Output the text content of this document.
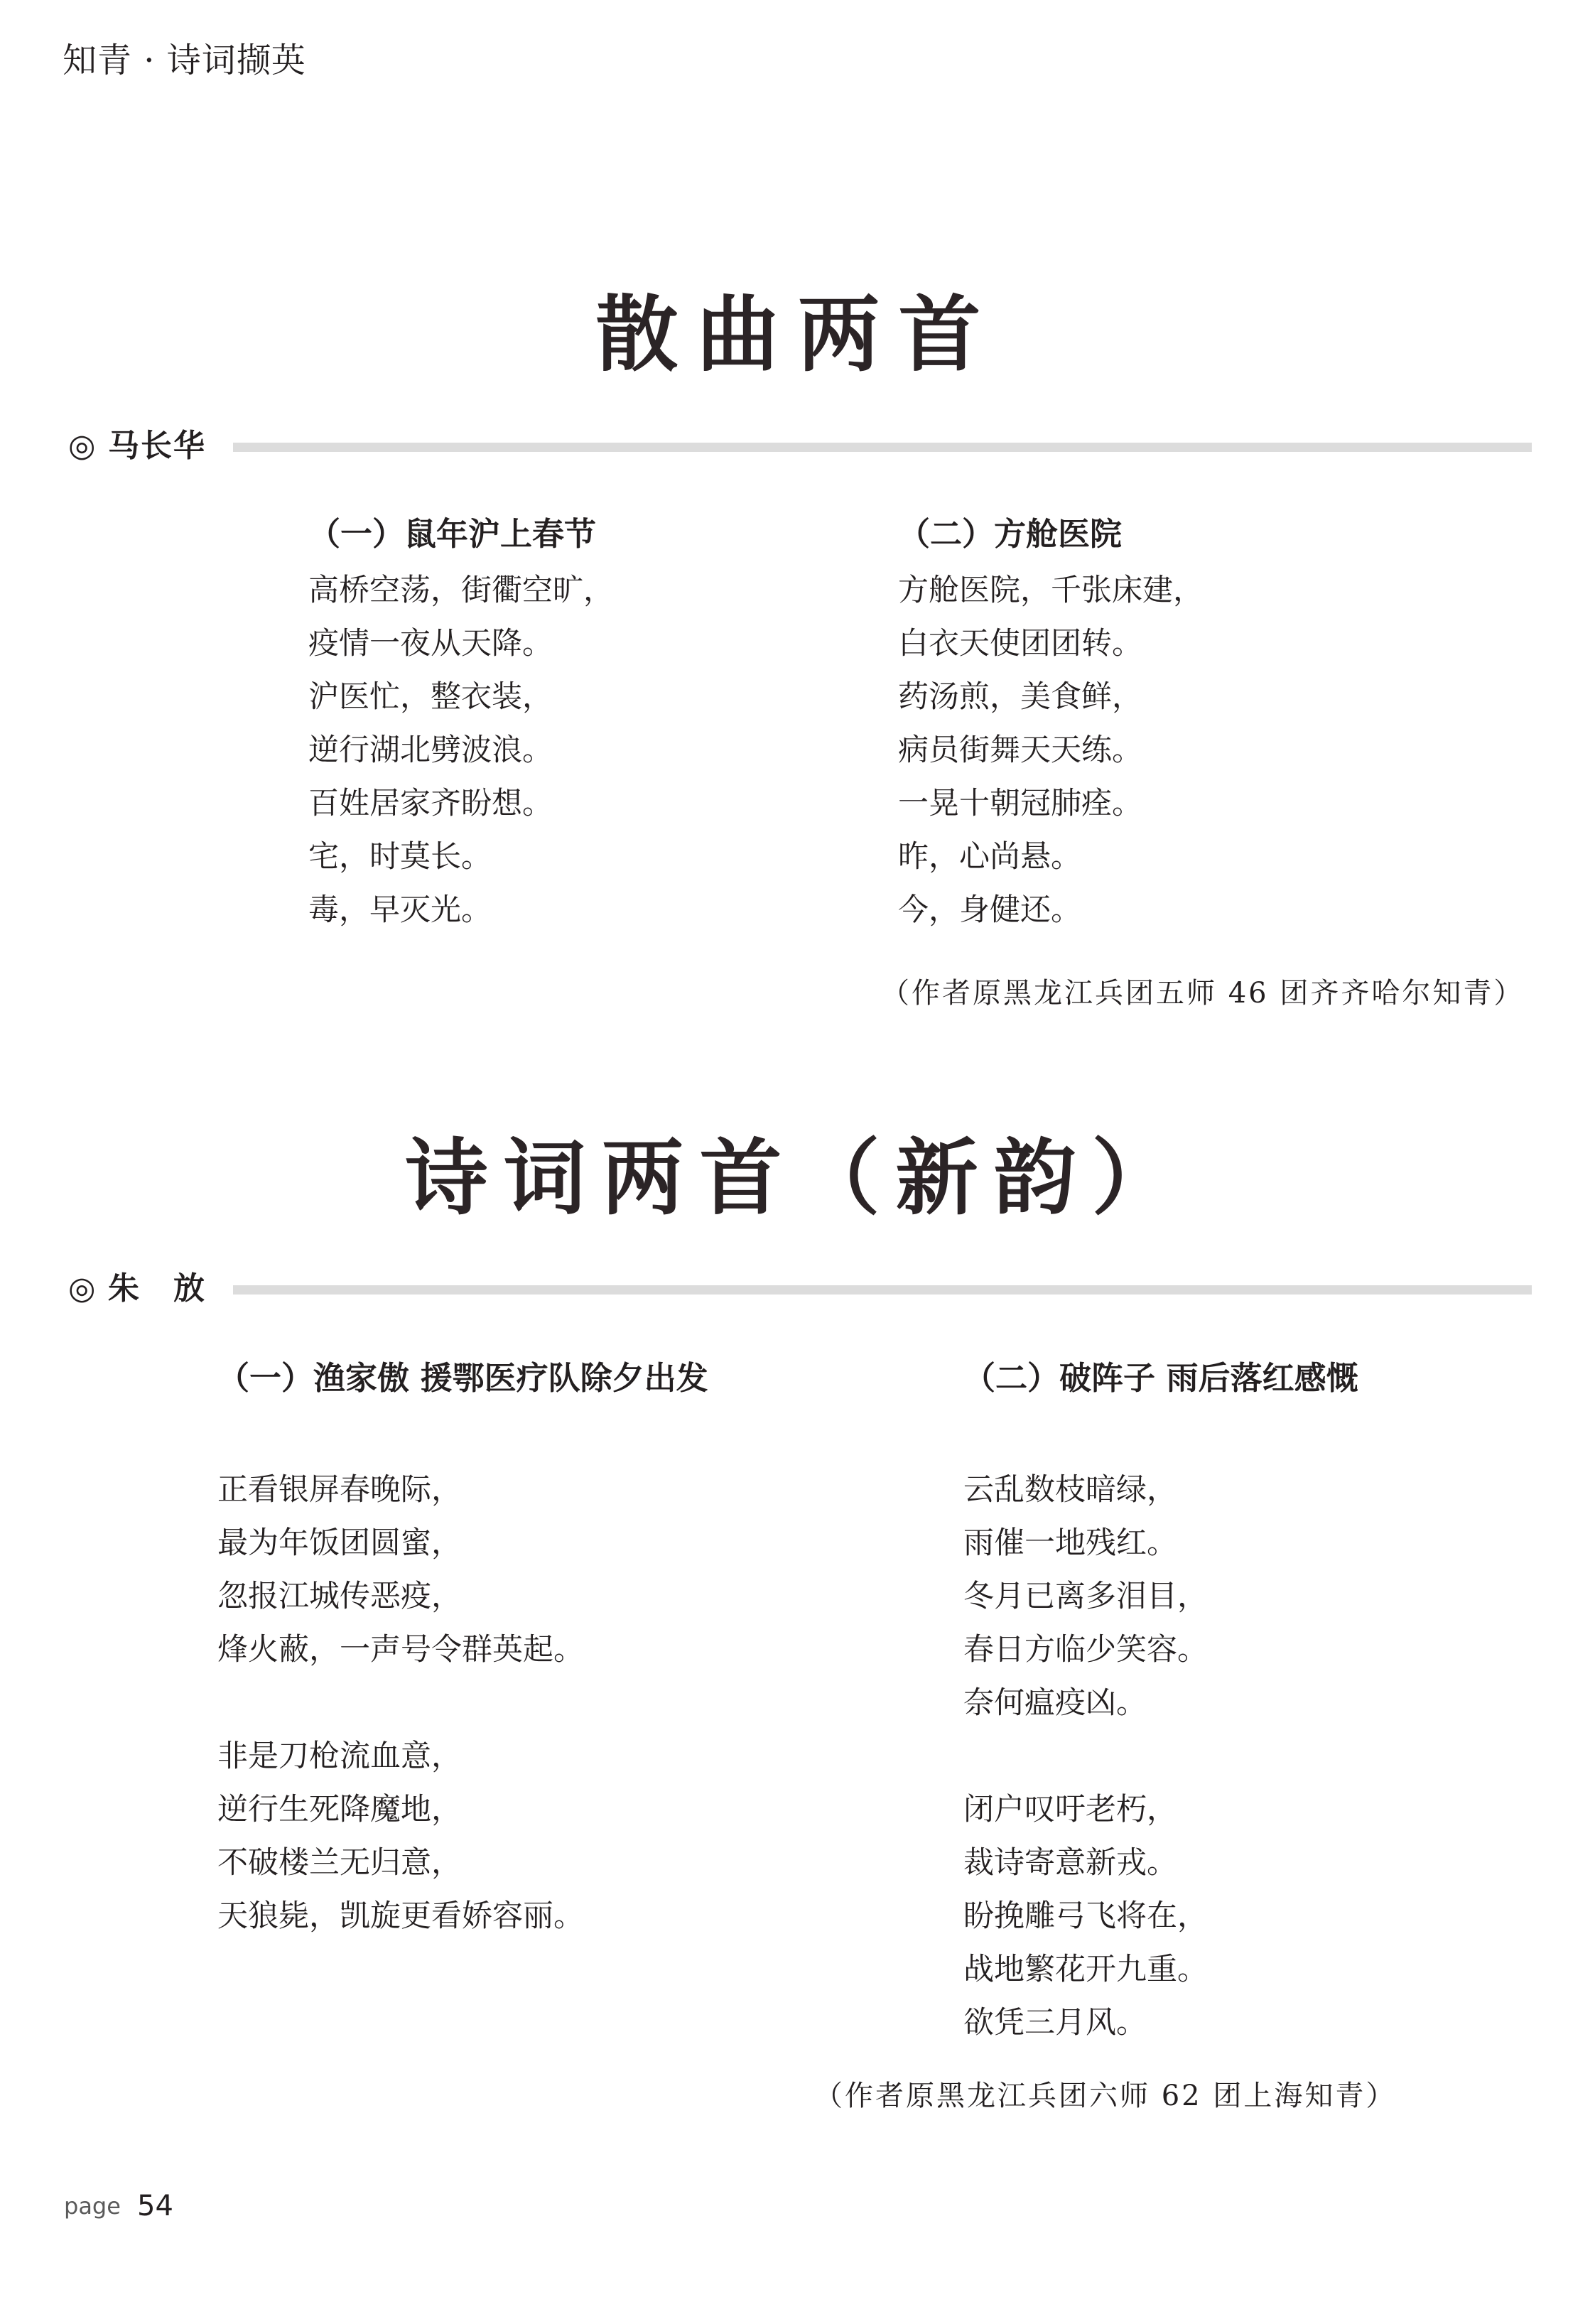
知青 · 诗词撷英
散曲两首
◎ 马长华
（一）鼠年沪上春节
高桥空荡，街衢空旷，
疫情一夜从天降。
沪医忙，整衣装，
逆行湖北劈波浪。
百姓居家齐盼想。
宅，时莫长。
毒，早灭光。
（二）方舱医院
方舱医院，千张床建，
白衣天使团团转。
药汤煎，美食鲜，
病员街舞天天练。
一晃十朝冠肺痊。
昨，心尚悬。
今，身健还。
（作者原黑龙江兵团五师 46 团齐齐哈尔知青）
诗词两首（新韵）
◎ 朱　放
（一）渔家傲 援鄂医疗队除夕出发
正看银屏春晚际，
最为年饭团圆蜜，
忽报江城传恶疫，
烽火蔽，一声号令群英起。
非是刀枪流血意，
逆行生死降魔地，
不破楼兰无归意，
天狼毙，凯旋更看娇容丽。
（二）破阵子 雨后落红感慨
云乱数枝暗绿，
雨催一地残红。
冬月已离多泪目，
春日方临少笑容。
奈何瘟疫凶。
闭户叹吁老朽，
裁诗寄意新戎。
盼挽雕弓飞将在，
战地繁花开九重。
欲凭三月风。
（作者原黑龙江兵团六师 62 团上海知青）
page 54
